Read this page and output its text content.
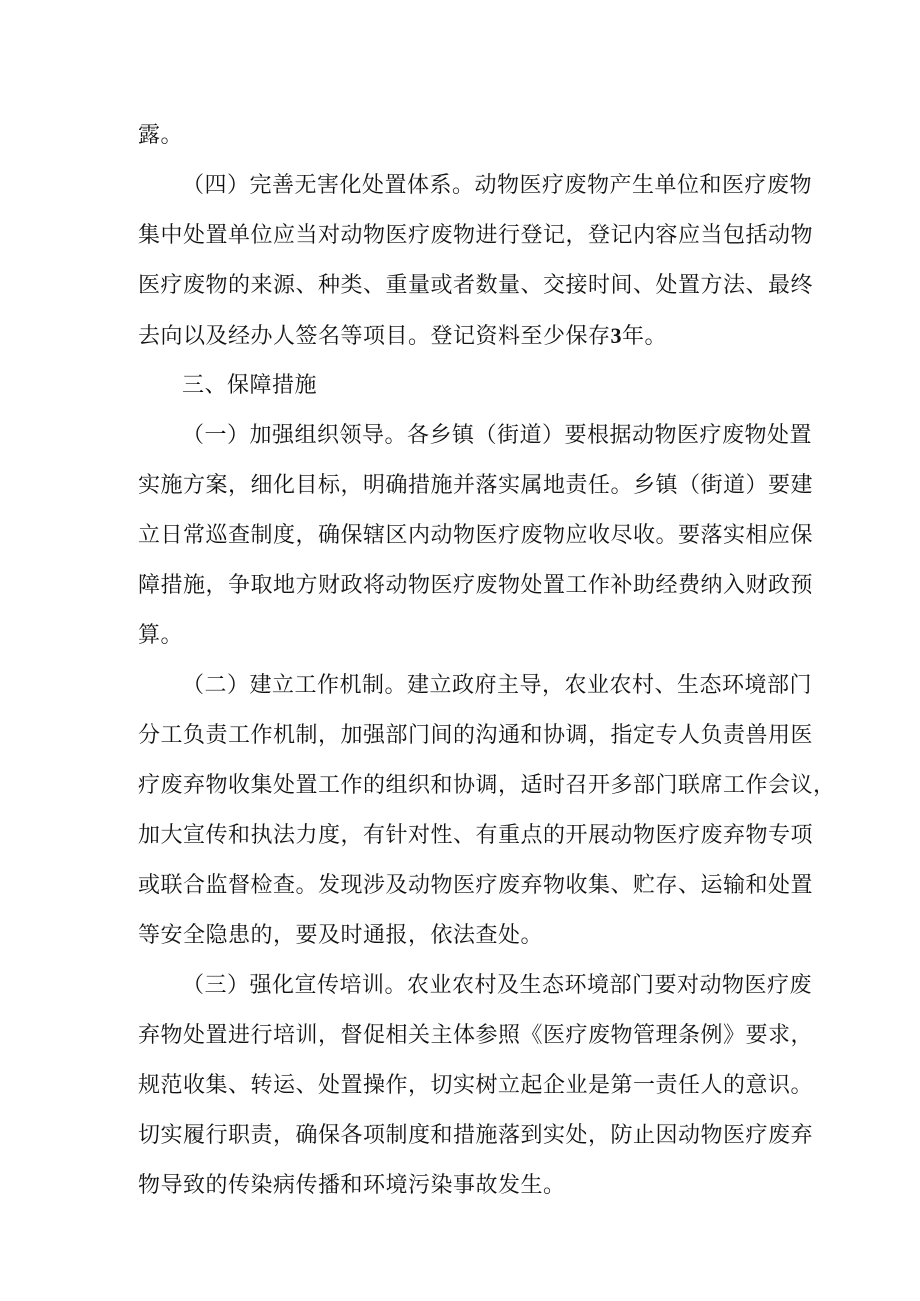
露。
（四）完善无害化处置体系。动物医疗废物产生单位和医疗废物
集中处置单位应当对动物医疗废物进行登记，登记内容应当包括动物
医疗废物的来源、种类、重量或者数量、交接时间、处置方法、最终
去向以及经办人签名等项目。登记资料至少保存3年。
三、保障措施
（一）加强组织领导。各乡镇（街道）要根据动物医疗废物处置
实施方案，细化目标，明确措施并落实属地责任。乡镇（街道）要建
立日常巡查制度，确保辖区内动物医疗废物应收尽收。要落实相应保
障措施，争取地方财政将动物医疗废物处置工作补助经费纳入财政预
算。
（二）建立工作机制。建立政府主导，农业农村、生态环境部门
分工负责工作机制，加强部门间的沟通和协调，指定专人负责兽用医
疗废弃物收集处置工作的组织和协调，适时召开多部门联席工作会议，
加大宣传和执法力度，有针对性、有重点的开展动物医疗废弃物专项
或联合监督检查。发现涉及动物医疗废弃物收集、贮存、运输和处置
等安全隐患的，要及时通报，依法查处。
（三）强化宣传培训。农业农村及生态环境部门要对动物医疗废
弃物处置进行培训，督促相关主体参照《医疗废物管理条例》要求，
规范收集、转运、处置操作，切实树立起企业是第一责任人的意识。
切实履行职责，确保各项制度和措施落到实处，防止因动物医疗废弃
物导致的传染病传播和环境污染事故发生。
